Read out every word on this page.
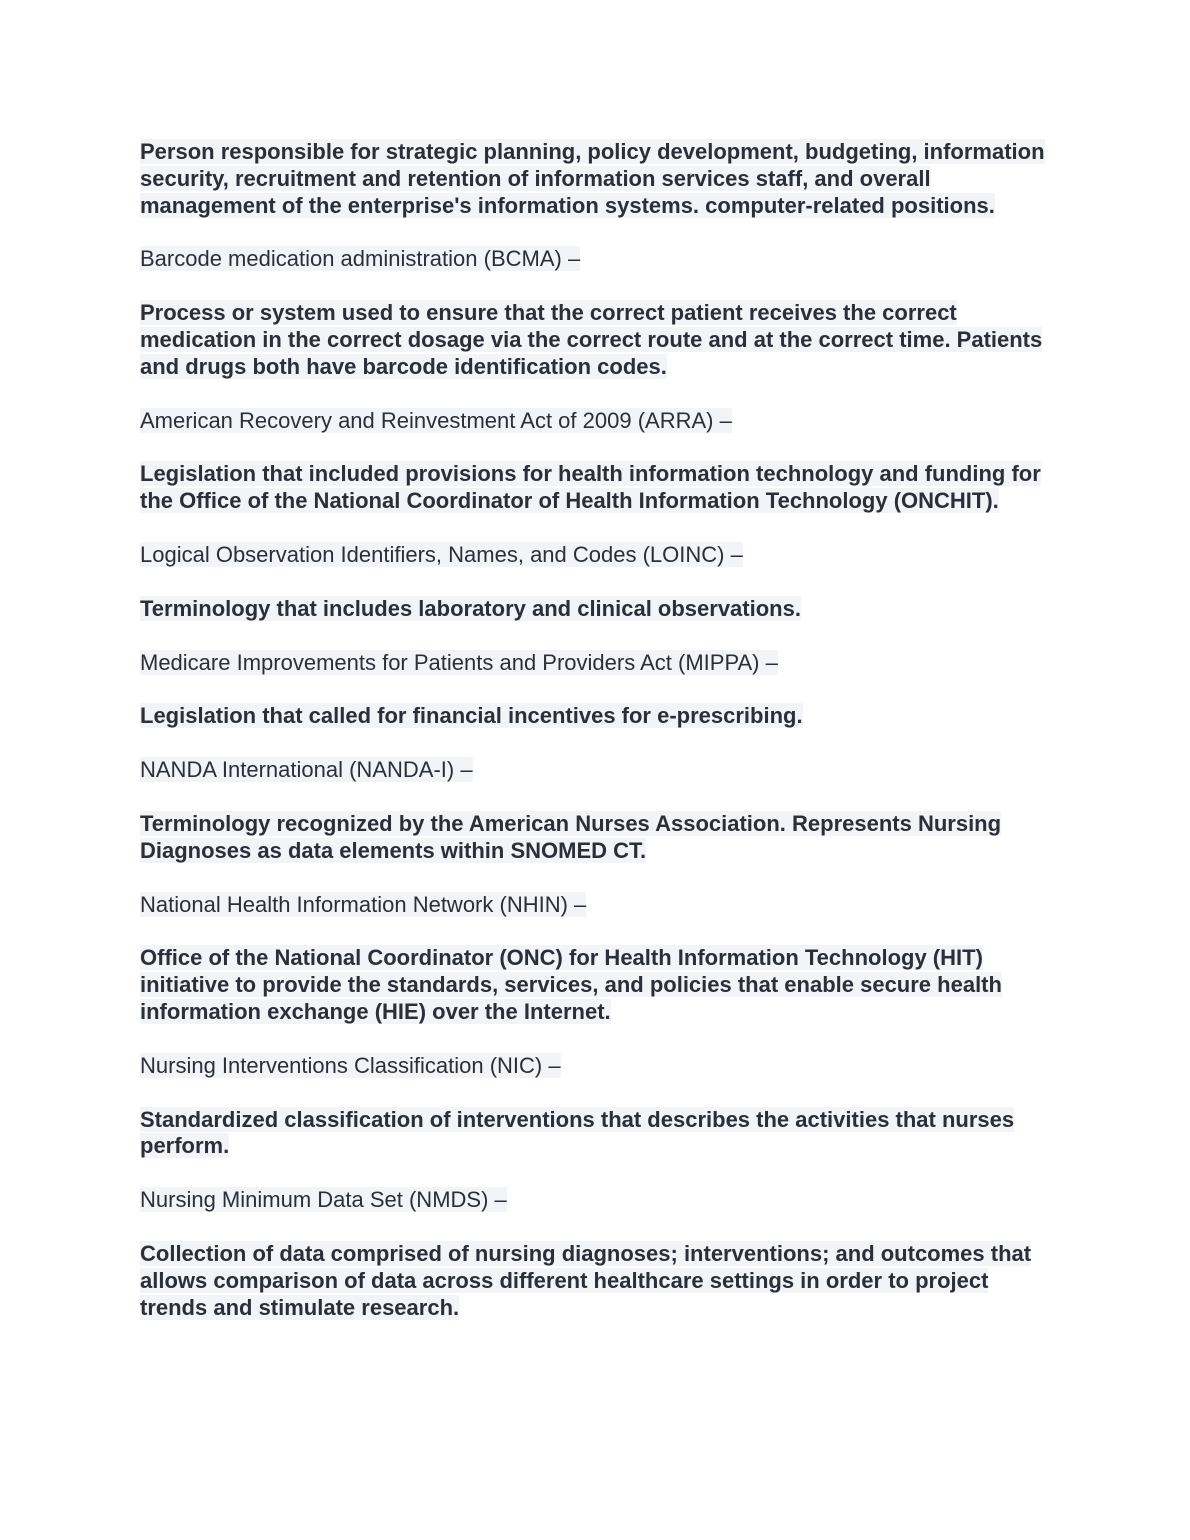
Person responsible for strategic planning, policy development, budgeting, information security, recruitment and retention of information services staff, and overall management of the enterprise's information systems. computer-related positions.

Barcode medication administration (BCMA) –

Process or system used to ensure that the correct patient receives the correct medication in the correct dosage via the correct route and at the correct time. Patients and drugs both have barcode identification codes.

American Recovery and Reinvestment Act of 2009 (ARRA) –

Legislation that included provisions for health information technology and funding for the Office of the National Coordinator of Health Information Technology (ONCHIT).

Logical Observation Identifiers, Names, and Codes (LOINC) –

Terminology that includes laboratory and clinical observations.

Medicare Improvements for Patients and Providers Act (MIPPA) –

Legislation that called for financial incentives for e-prescribing.

NANDA International (NANDA-I) –

Terminology recognized by the American Nurses Association. Represents Nursing Diagnoses as data elements within SNOMED CT.

National Health Information Network (NHIN) –

Office of the National Coordinator (ONC) for Health Information Technology (HIT) initiative to provide the standards, services, and policies that enable secure health information exchange (HIE) over the Internet.

Nursing Interventions Classification (NIC) –

Standardized classification of interventions that describes the activities that nurses perform.

Nursing Minimum Data Set (NMDS) –

Collection of data comprised of nursing diagnoses; interventions; and outcomes that allows comparison of data across different healthcare settings in order to project trends and stimulate research.
